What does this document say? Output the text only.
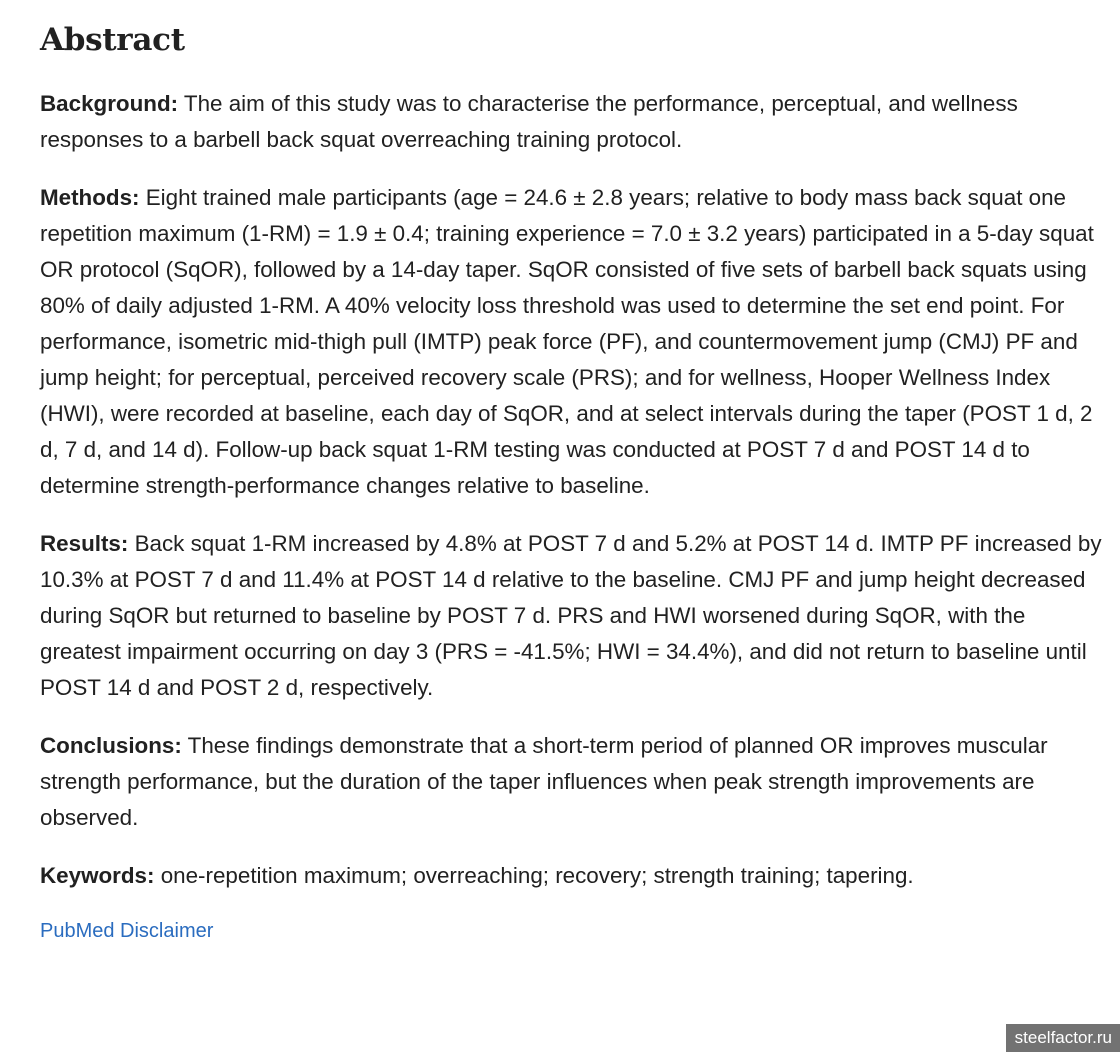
Abstract

Background: The aim of this study was to characterise the performance, perceptual, and wellness responses to a barbell back squat overreaching training protocol.

Methods: Eight trained male participants (age = 24.6 ± 2.8 years; relative to body mass back squat one repetition maximum (1-RM) = 1.9 ± 0.4; training experience = 7.0 ± 3.2 years) participated in a 5-day squat OR protocol (SqOR), followed by a 14-day taper. SqOR consisted of five sets of barbell back squats using 80% of daily adjusted 1-RM. A 40% velocity loss threshold was used to determine the set end point. For performance, isometric mid-thigh pull (IMTP) peak force (PF), and countermovement jump (CMJ) PF and jump height; for perceptual, perceived recovery scale (PRS); and for wellness, Hooper Wellness Index (HWI), were recorded at baseline, each day of SqOR, and at select intervals during the taper (POST 1 d, 2 d, 7 d, and 14 d). Follow-up back squat 1-RM testing was conducted at POST 7 d and POST 14 d to determine strength-performance changes relative to baseline.

Results: Back squat 1-RM increased by 4.8% at POST 7 d and 5.2% at POST 14 d. IMTP PF increased by 10.3% at POST 7 d and 11.4% at POST 14 d relative to the baseline. CMJ PF and jump height decreased during SqOR but returned to baseline by POST 7 d. PRS and HWI worsened during SqOR, with the greatest impairment occurring on day 3 (PRS = -41.5%; HWI = 34.4%), and did not return to baseline until POST 14 d and POST 2 d, respectively.

Conclusions: These findings demonstrate that a short-term period of planned OR improves muscular strength performance, but the duration of the taper influences when peak strength improvements are observed.

Keywords: one-repetition maximum; overreaching; recovery; strength training; tapering.

PubMed Disclaimer
steelfactor.ru
